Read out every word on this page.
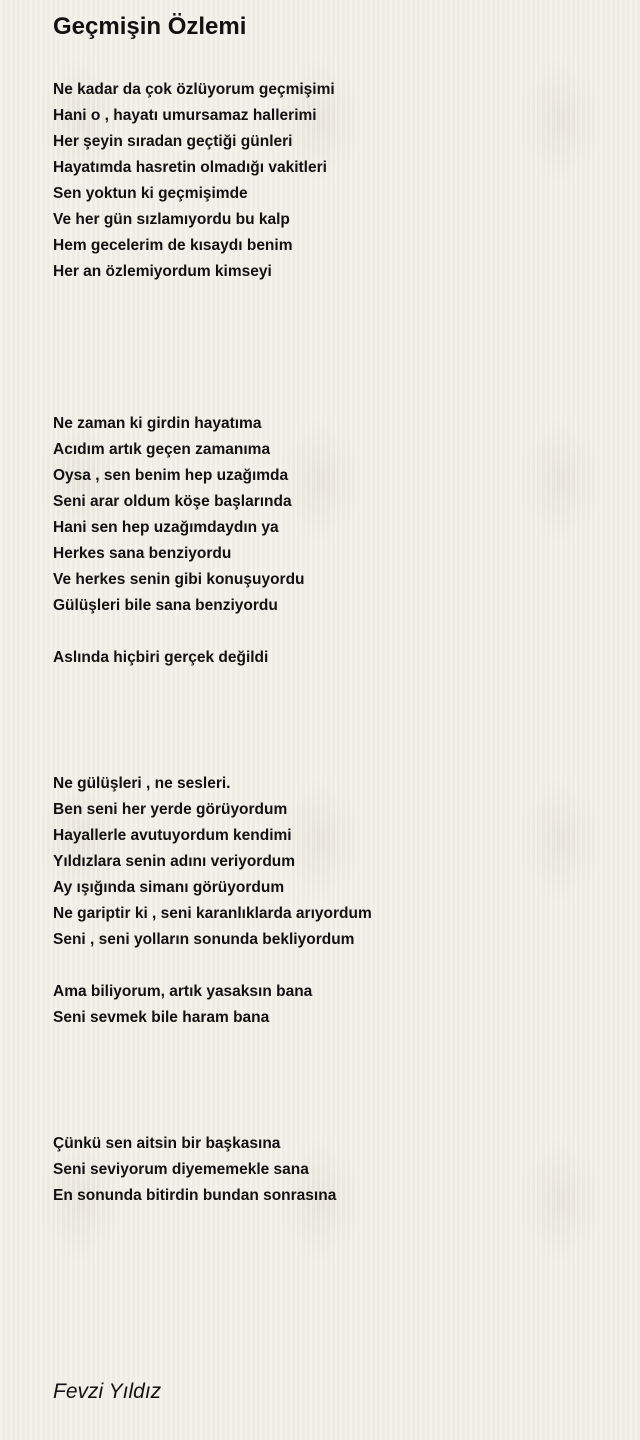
Geçmişin Özlemi
Ne kadar da çok özlüyorum geçmişimi
Hani o , hayatı umursamaz hallerimi
Her şeyin sıradan geçtiği günleri
Hayatımda hasretin olmadığı vakitleri
Sen yoktun ki geçmişimde
Ve her gün sızlamıyordu bu kalp
Hem gecelerim de kısaydı benim
Her an özlemiyordum kimseyi
Ne zaman ki girdin hayatıma
Acıdım artık geçen zamanıma
Oysa , sen benim hep uzağımda
Seni arar oldum köşe başlarında
Hani sen hep uzağımdaydın ya
Herkes sana benziyordu
Ve herkes senin gibi konuşuyordu
Gülüşleri bile sana benziyordu
Aslında hiçbiri gerçek değildi
Ne gülüşleri , ne sesleri.
Ben seni her yerde görüyordum
Hayallerle avutuyordum kendimi
Yıldızlara senin adını veriyordum
Ay ışığında simanı görüyordum
Ne gariptir ki , seni karanlıklarda arıyordum
Seni , seni yolların sonunda bekliyordum
Ama biliyorum, artık yasaksın bana
Seni sevmek bile haram bana
Çünkü sen aitsin bir başkasına
Seni seviyorum diyememekle sana
En sonunda bitirdin bundan sonrasına

Fevzi Yıldız
